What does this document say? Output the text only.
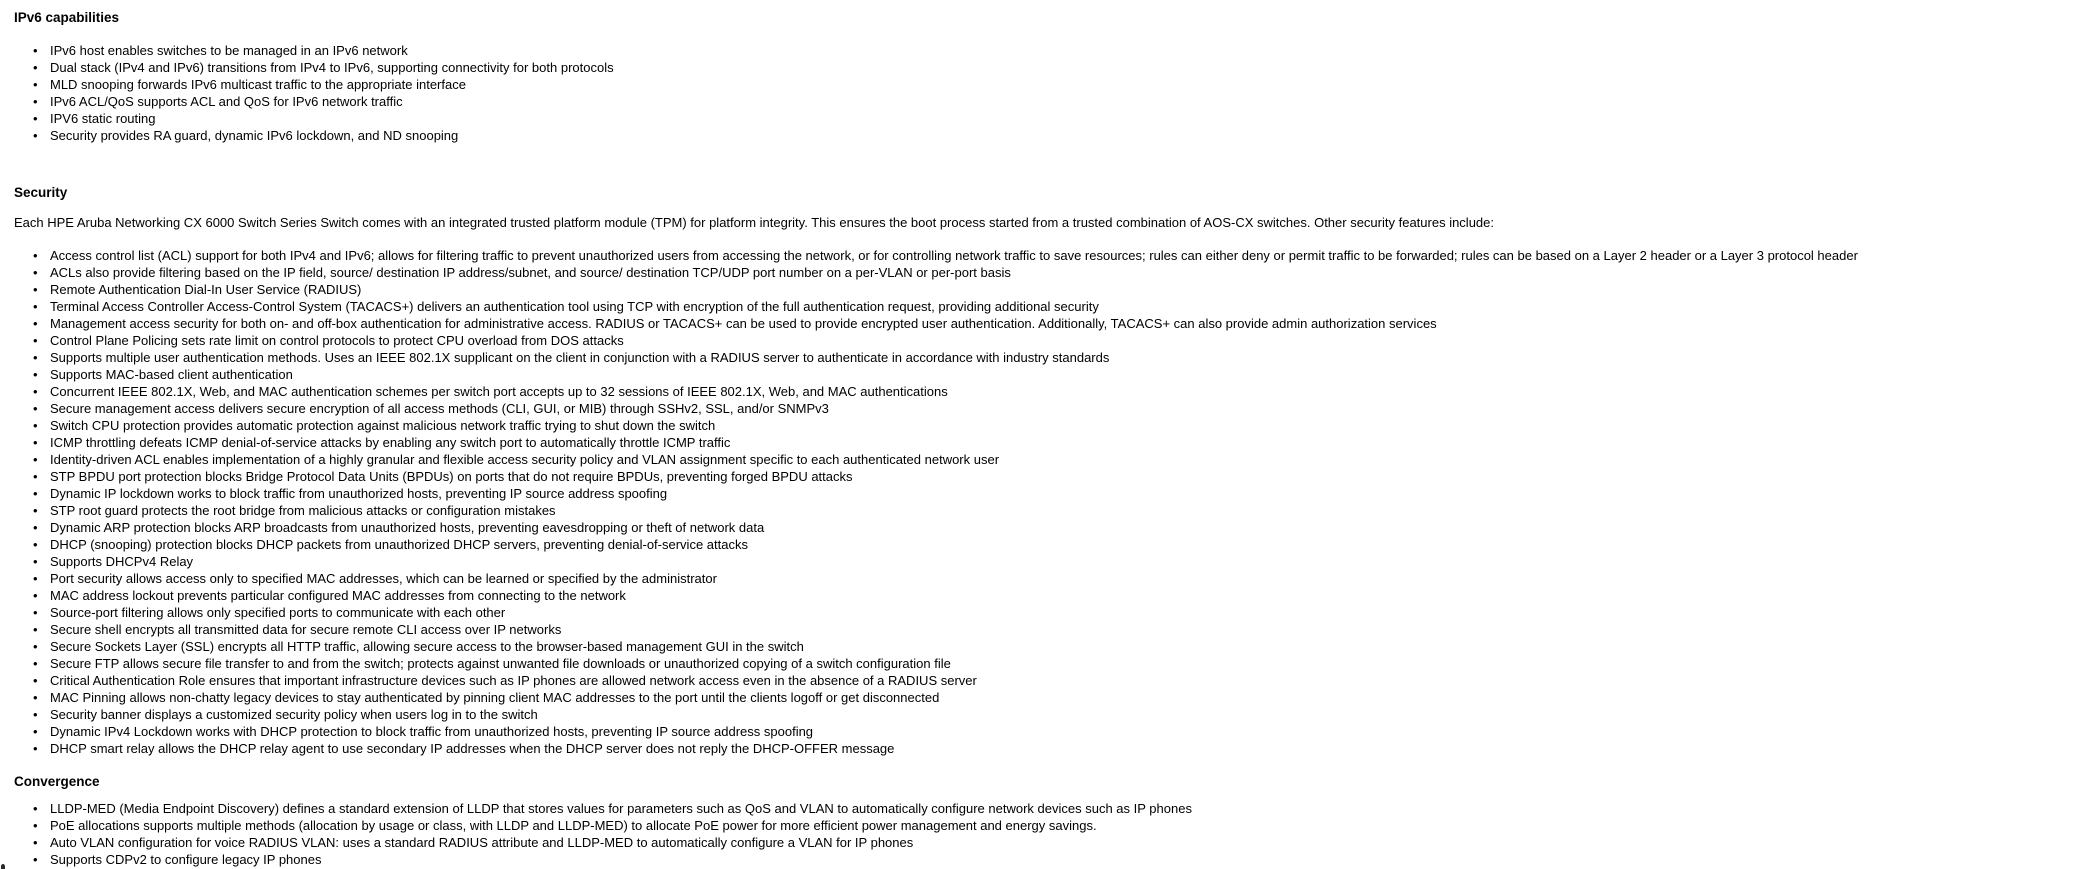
IPv6 capabilities
• IPv6 host enables switches to be managed in an IPv6 network
• Dual stack (IPv4 and IPv6) transitions from IPv4 to IPv6, supporting connectivity for both protocols
• MLD snooping forwards IPv6 multicast traffic to the appropriate interface
• IPv6 ACL/QoS supports ACL and QoS for IPv6 network traffic
• IPV6 static routing
• Security provides RA guard, dynamic IPv6 lockdown, and ND snooping
Security

Each HPE Aruba Networking CX 6000 Switch Series Switch comes with an integrated trusted platform module (TPM) for platform integrity. This ensures the boot process started from a trusted combination of AOS-CX switches. Other security features include:

• Access control list (ACL) support for both IPv4 and IPv6; allows for filtering traffic to prevent unauthorized users from accessing the network, or for controlling network traffic to save resources; rules can either deny or permit traffic to be forwarded; rules can be based on a Layer 2 header or a Layer 3 protocol header
• ACLs also provide filtering based on the IP field, source/ destination IP address/subnet, and source/ destination TCP/UDP port number on a per-VLAN or per-port basis
• Remote Authentication Dial-In User Service (RADIUS)
• Terminal Access Controller Access-Control System (TACACS+) delivers an authentication tool using TCP with encryption of the full authentication request, providing additional security
• Management access security for both on- and off-box authentication for administrative access. RADIUS or TACACS+ can be used to provide encrypted user authentication. Additionally, TACACS+ can also provide admin authorization services
• Control Plane Policing sets rate limit on control protocols to protect CPU overload from DOS attacks
• Supports multiple user authentication methods. Uses an IEEE 802.1X supplicant on the client in conjunction with a RADIUS server to authenticate in accordance with industry standards
• Supports MAC-based client authentication
• Concurrent IEEE 802.1X, Web, and MAC authentication schemes per switch port accepts up to 32 sessions of IEEE 802.1X, Web, and MAC authentications
• Secure management access delivers secure encryption of all access methods (CLI, GUI, or MIB) through SSHv2, SSL, and/or SNMPv3
• Switch CPU protection provides automatic protection against malicious network traffic trying to shut down the switch
• ICMP throttling defeats ICMP denial-of-service attacks by enabling any switch port to automatically throttle ICMP traffic
• Identity-driven ACL enables implementation of a highly granular and flexible access security policy and VLAN assignment specific to each authenticated network user
• STP BPDU port protection blocks Bridge Protocol Data Units (BPDUs) on ports that do not require BPDUs, preventing forged BPDU attacks
• Dynamic IP lockdown works to block traffic from unauthorized hosts, preventing IP source address spoofing
• STP root guard protects the root bridge from malicious attacks or configuration mistakes
• Dynamic ARP protection blocks ARP broadcasts from unauthorized hosts, preventing eavesdropping or theft of network data
• DHCP (snooping) protection blocks DHCP packets from unauthorized DHCP servers, preventing denial-of-service attacks
• Supports DHCPv4 Relay
• Port security allows access only to specified MAC addresses, which can be learned or specified by the administrator
• MAC address lockout prevents particular configured MAC addresses from connecting to the network
• Source-port filtering allows only specified ports to communicate with each other
• Secure shell encrypts all transmitted data for secure remote CLI access over IP networks
• Secure Sockets Layer (SSL) encrypts all HTTP traffic, allowing secure access to the browser-based management GUI in the switch
• Secure FTP allows secure file transfer to and from the switch; protects against unwanted file downloads or unauthorized copying of a switch configuration file
• Critical Authentication Role ensures that important infrastructure devices such as IP phones are allowed network access even in the absence of a RADIUS server
• MAC Pinning allows non-chatty legacy devices to stay authenticated by pinning client MAC addresses to the port until the clients logoff or get disconnected
• Security banner displays a customized security policy when users log in to the switch
• Dynamic IPv4 Lockdown works with DHCP protection to block traffic from unauthorized hosts, preventing IP source address spoofing
• DHCP smart relay allows the DHCP relay agent to use secondary IP addresses when the DHCP server does not reply the DHCP-OFFER message
Convergence
• LLDP-MED (Media Endpoint Discovery) defines a standard extension of LLDP that stores values for parameters such as QoS and VLAN to automatically configure network devices such as IP phones
• PoE allocations supports multiple methods (allocation by usage or class, with LLDP and LLDP-MED) to allocate PoE power for more efficient power management and energy savings.
• Auto VLAN configuration for voice RADIUS VLAN: uses a standard RADIUS attribute and LLDP-MED to automatically configure a VLAN for IP phones
• Supports CDPv2 to configure legacy IP phones
